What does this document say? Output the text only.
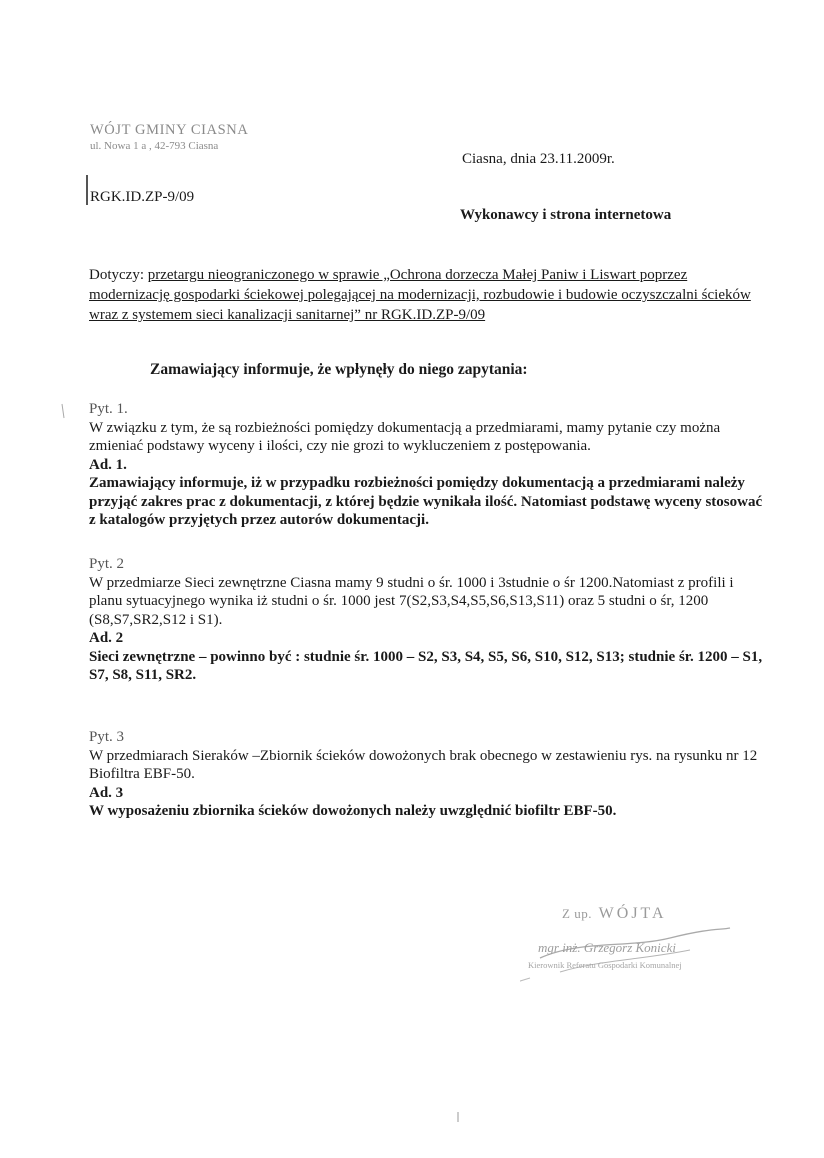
WÓJT GMINY CIASNA
ul. Nowa 1 a , 42-793 Ciasna
Ciasna, dnia 23.11.2009r.
RGK.ID.ZP-9/09
Wykonawcy i strona internetowa
Dotyczy: przetargu nieograniczonego w sprawie „Ochrona dorzecza Małej Paniw i Liswart poprzez modernizację gospodarki ściekowej polegającej na modernizacji, rozbudowie i budowie oczyszczalni ścieków wraz z systemem sieci kanalizacji sanitarnej” nr RGK.ID.ZP-9/09
Zamawiający informuje, że wpłynęły do niego zapytania:
Pyt. 1.
W związku z tym, że są rozbieżności pomiędzy dokumentacją a przedmiarami, mamy pytanie czy można zmieniać podstawy wyceny i ilości, czy nie grozi to wykluczeniem z postępowania.
Ad. 1.
Zamawiający informuje, iż w przypadku rozbieżności pomiędzy dokumentacją a przedmiarami należy przyjąć zakres prac z dokumentacji, z której będzie wynikała ilość. Natomiast podstawę wyceny stosować z katalogów przyjętych przez autorów dokumentacji.
Pyt. 2
W przedmiarze Sieci zewnętrzne Ciasna mamy 9 studni o śr. 1000 i 3studnie o śr 1200.Natomiast z profili i planu sytuacyjnego wynika iż studni o śr. 1000 jest 7(S2,S3,S4,S5,S6,S13,S11) oraz 5 studni o śr, 1200 (S8,S7,SR2,S12 i S1).
Ad. 2
Sieci zewnętrzne – powinno być : studnie śr. 1000 – S2, S3, S4, S5, S6, S10, S12, S13; studnie śr. 1200 – S1, S7, S8, S11, SR2.
Pyt. 3
W przedmiarach Sieraków –Zbiornik ścieków dowożonych brak obecnego w zestawieniu rys. na rysunku nr 12 Biofiltra EBF-50.
Ad. 3
W wyposażeniu zbiornika ścieków dowożonych należy uwzględnić biofiltr EBF-50.
Z up. WÓJTA
mgr inż. Grzegorz Konicki
Kierownik Referatu Gospodarki Komunalnej
